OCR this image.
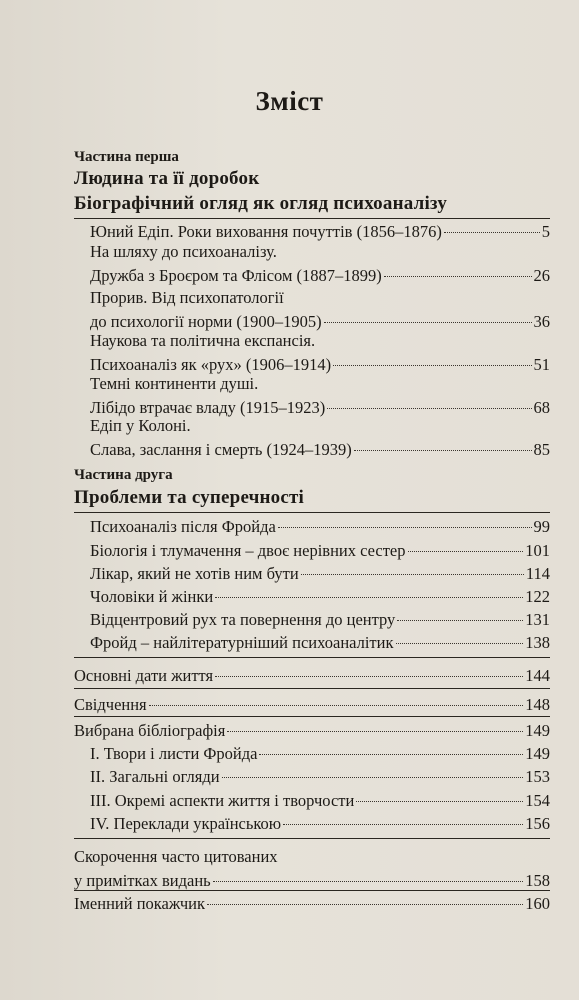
Зміст
Частина перша
Людина та її доробок
Біографічний огляд як огляд психоаналізу
Юний Едіп. Роки виховання почуттів (1856–1876)	5
На шляху до психоаналізу.
Дружба з Броєром та Флісом (1887–1899)	26
Прорив. Від психопатології
до психології норми (1900–1905)	36
Наукова та політична експансія.
Психоаналіз як «рух» (1906–1914)	51
Темні континенти душі.
Лібідо втрачає владу (1915–1923)	68
Едіп у Колоні.
Слава, заслання і смерть (1924–1939)	85
Частина друга
Проблеми та суперечності
Психоаналіз після Фройда	99
Біологія і тлумачення – двоє нерівних сестер	101
Лікар, який не хотів ним бути	114
Чоловіки й жінки	122
Відцентровий рух та повернення до центру	131
Фройд – найлітературніший психоаналітик	138
Основні дати життя	144
Свідчення	148
Вибрана бібліографія	149
I. Твори і листи Фройда	149
II. Загальні огляди	153
III. Окремі аспекти життя і творчости	154
IV. Переклади українською	156
Скорочення часто цитованих
у примітках видань	158
Іменний покажчик	160
